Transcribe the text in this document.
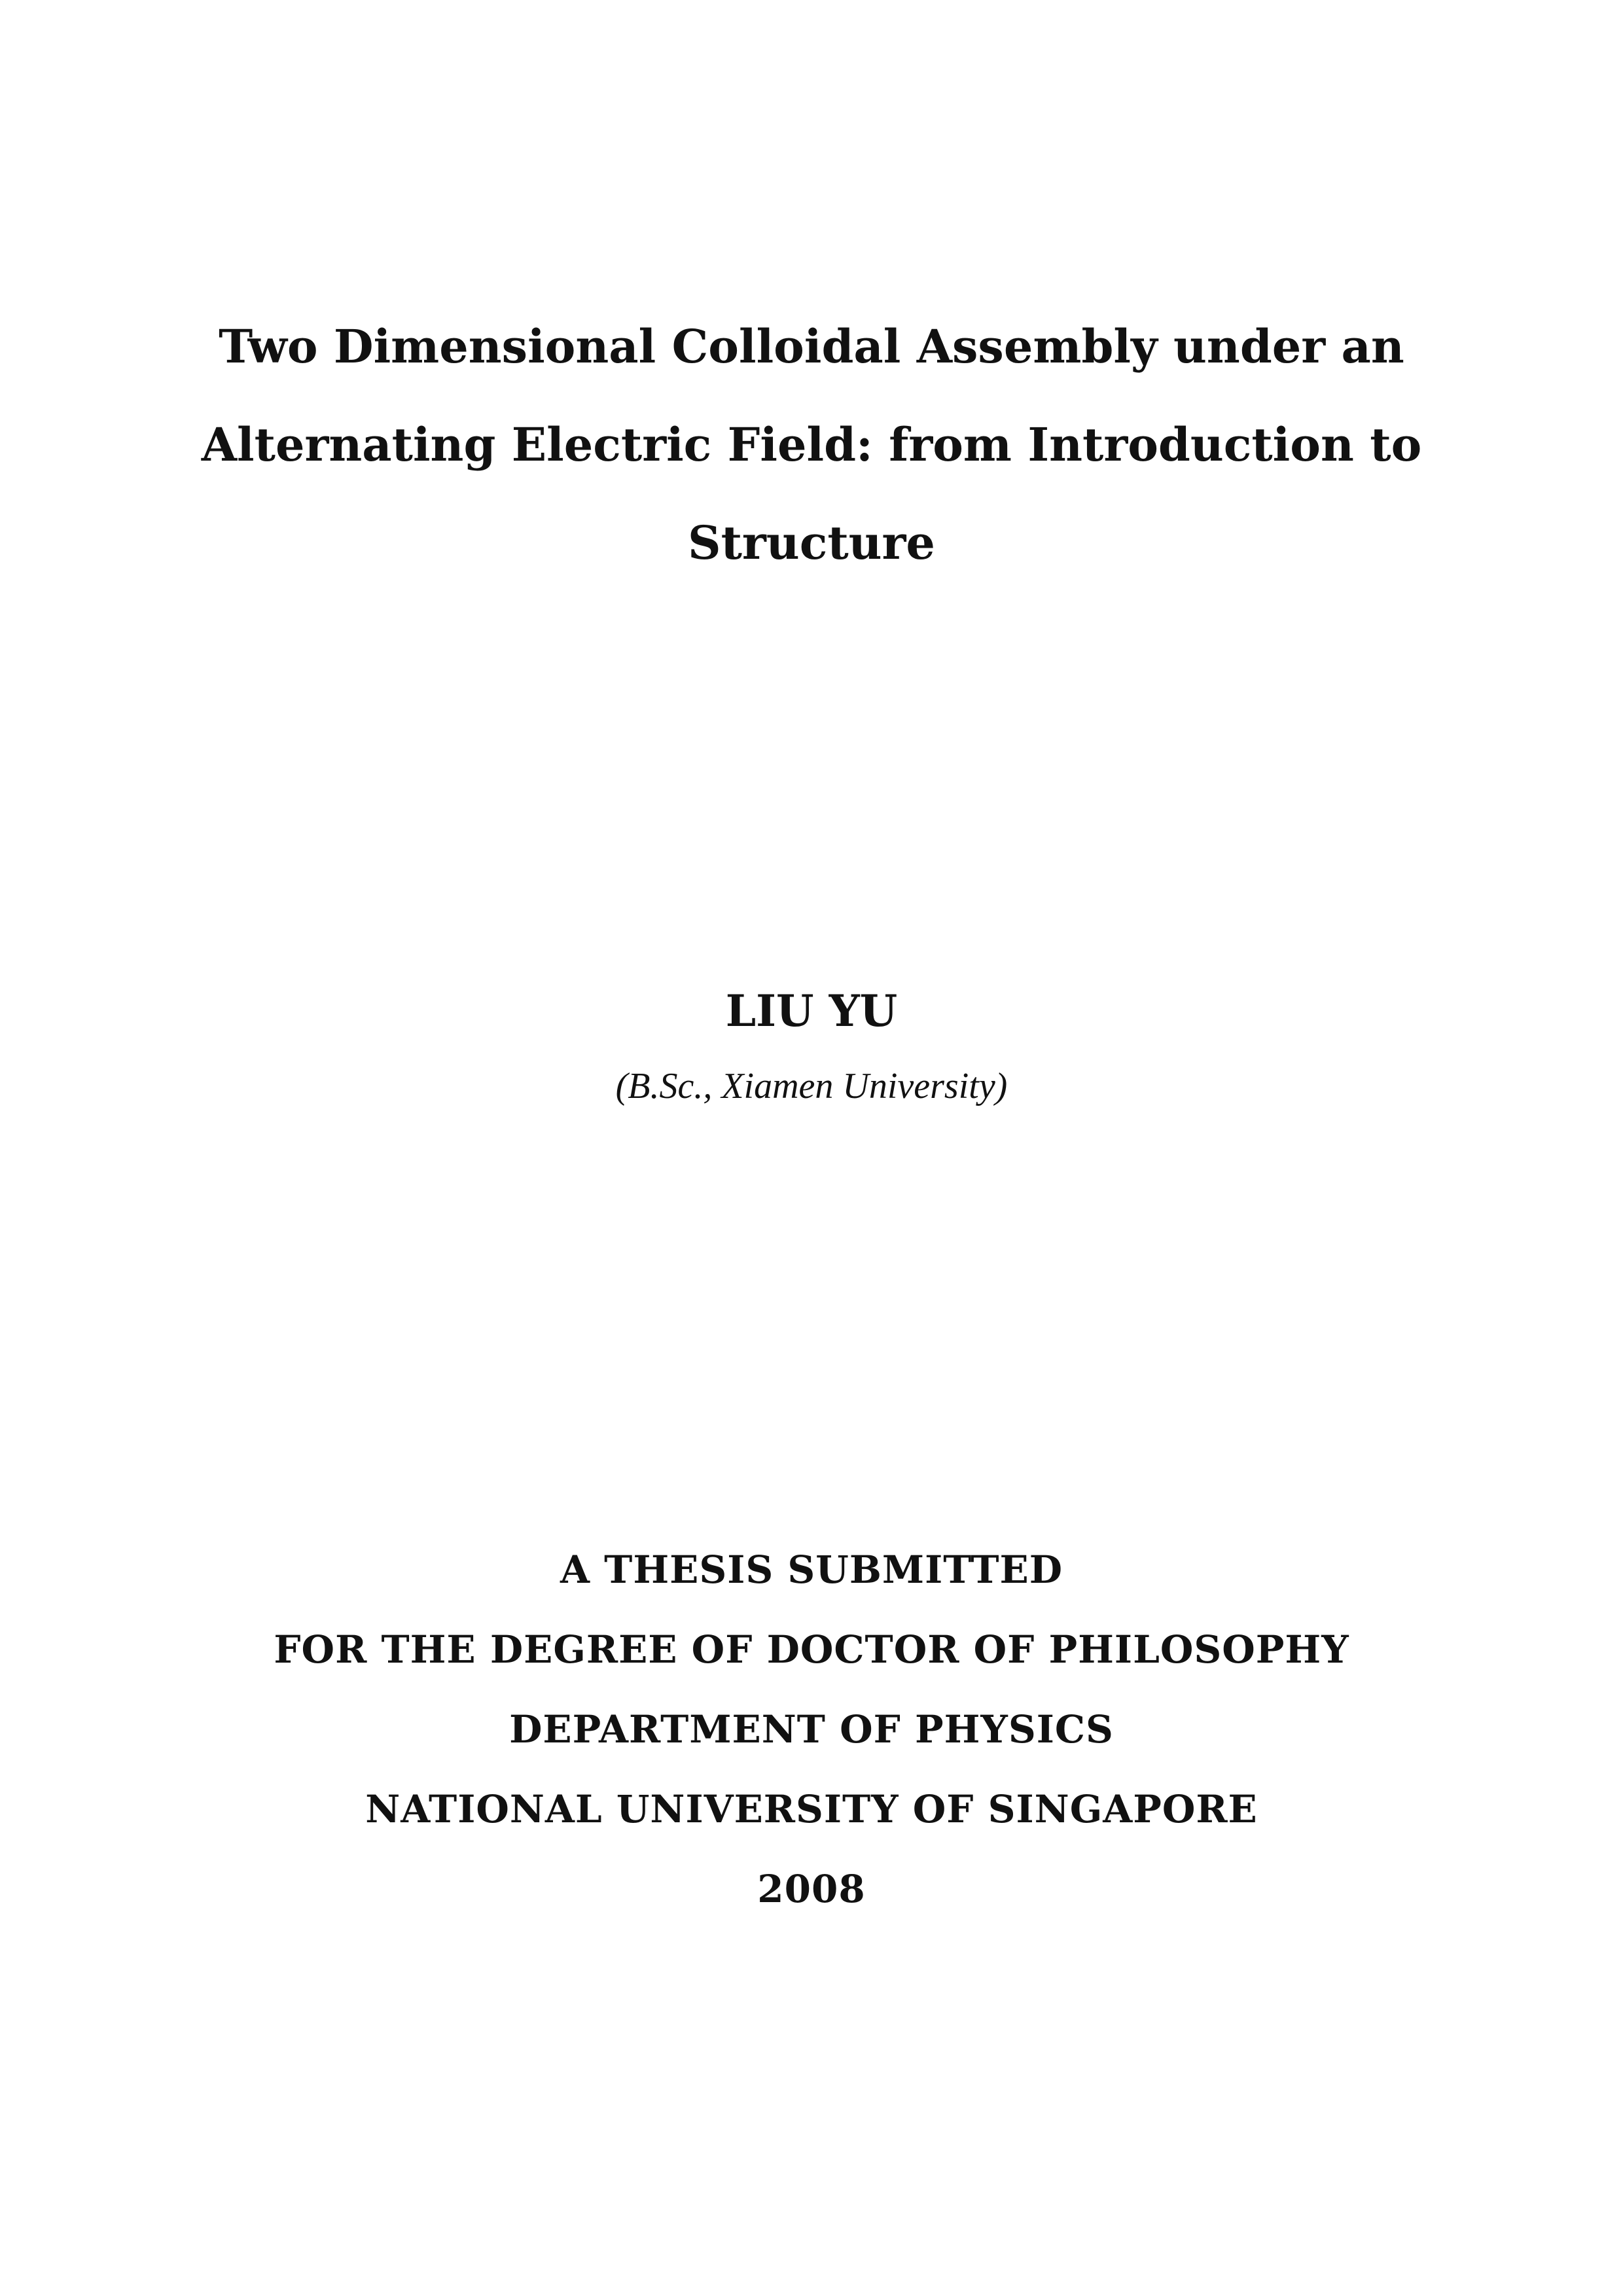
Two Dimensional Colloidal Assembly under an
Alternating Electric Field: from Introduction to
Structure
LIU YU
(B.Sc., Xiamen University)
A THESIS SUBMITTED
FOR THE DEGREE OF DOCTOR OF PHILOSOPHY
DEPARTMENT OF PHYSICS
NATIONAL UNIVERSITY OF SINGAPORE
2008
